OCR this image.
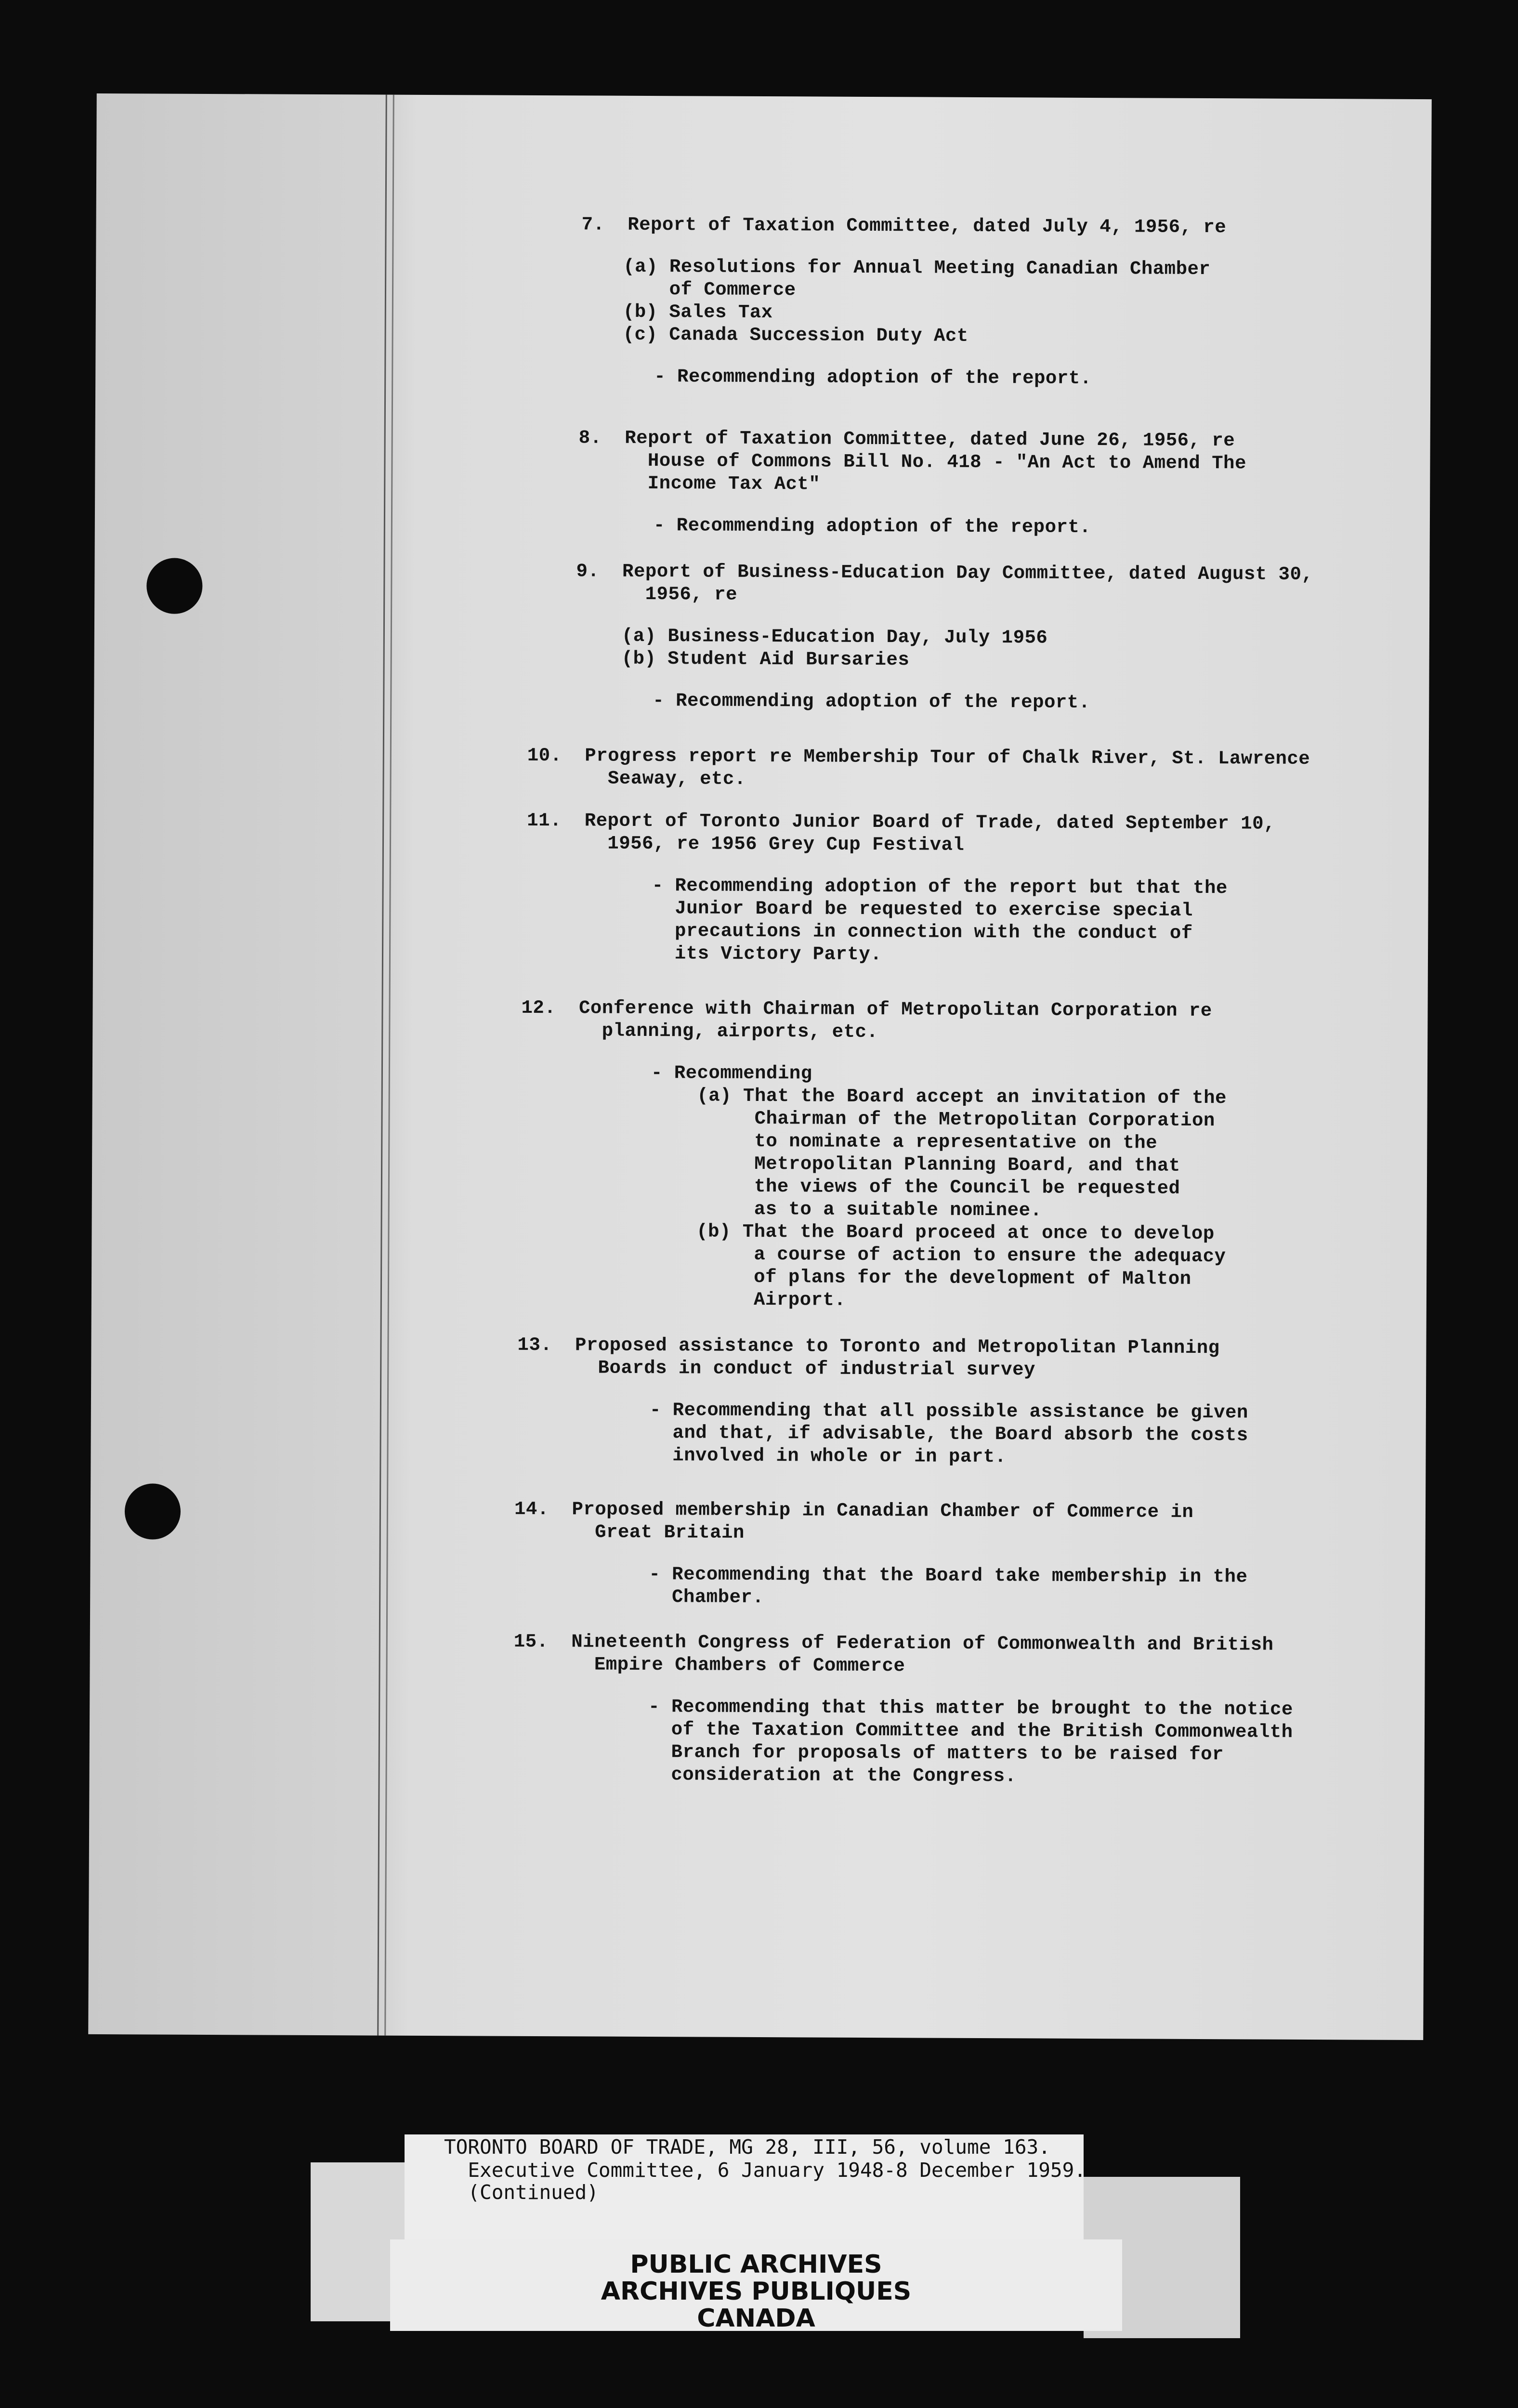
7.  Report of Taxation Committee, dated July 4, 1956, re
(a) Resolutions for Annual Meeting Canadian Chamber
of Commerce
(b) Sales Tax
(c) Canada Succession Duty Act
- Recommending adoption of the report.
8.  Report of Taxation Committee, dated June 26, 1956, re
House of Commons Bill No. 418 - "An Act to Amend The
Income Tax Act"
- Recommending adoption of the report.
9.  Report of Business-Education Day Committee, dated August 30,
1956, re
(a) Business-Education Day, July 1956
(b) Student Aid Bursaries
- Recommending adoption of the report.
10.  Progress report re Membership Tour of Chalk River, St. Lawrence
Seaway, etc.
11.  Report of Toronto Junior Board of Trade, dated September 10,
1956, re 1956 Grey Cup Festival
- Recommending adoption of the report but that the
Junior Board be requested to exercise special
precautions in connection with the conduct of
its Victory Party.
12.  Conference with Chairman of Metropolitan Corporation re
planning, airports, etc.
- Recommending
(a) That the Board accept an invitation of the
Chairman of the Metropolitan Corporation
to nominate a representative on the
Metropolitan Planning Board, and that
the views of the Council be requested
as to a suitable nominee.
(b) That the Board proceed at once to develop
a course of action to ensure the adequacy
of plans for the development of Malton
Airport.
13.  Proposed assistance to Toronto and Metropolitan Planning
Boards in conduct of industrial survey
- Recommending that all possible assistance be given
and that, if advisable, the Board absorb the costs
involved in whole or in part.
14.  Proposed membership in Canadian Chamber of Commerce in
Great Britain
- Recommending that the Board take membership in the
Chamber.
15.  Nineteenth Congress of Federation of Commonwealth and British
Empire Chambers of Commerce
- Recommending that this matter be brought to the notice
of the Taxation Committee and the British Commonwealth
Branch for proposals of matters to be raised for
consideration at the Congress.
TORONTO BOARD OF TRADE, MG 28, III, 56, volume 163.
Executive Committee, 6 January 1948-8 December 1959.
(Continued)
PUBLIC ARCHIVES
ARCHIVES PUBLIQUES
CANADA
